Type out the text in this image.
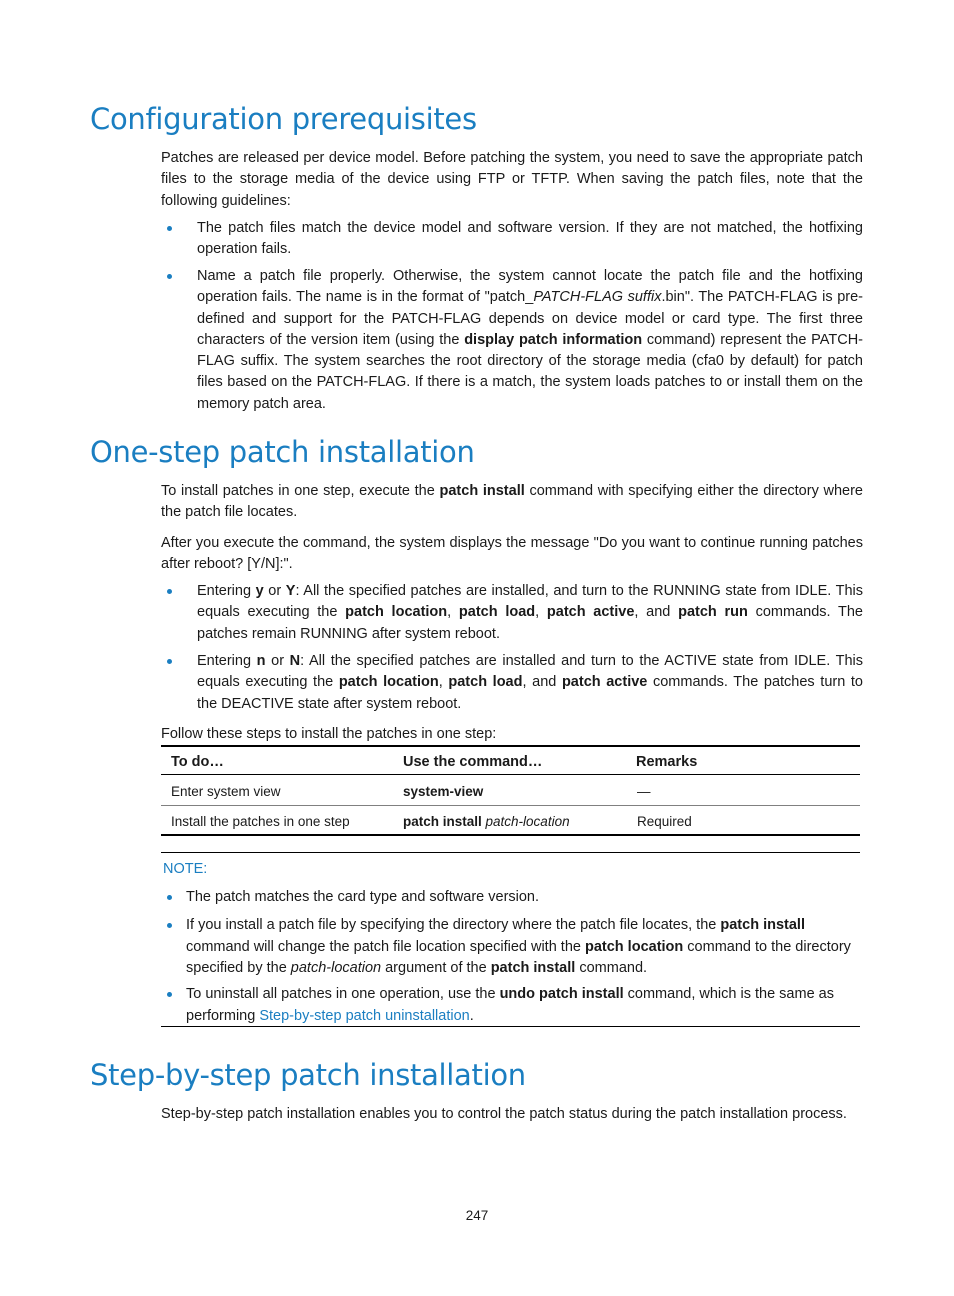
Configuration prerequisites

Patches are released per device model. Before patching the system, you need to save the appropriate patch files to the storage media of the device using FTP or TFTP. When saving the patch files, note that the following guidelines:

The patch files match the device model and software version. If they are not matched, the hotfixing operation fails.

Name a patch file properly. Otherwise, the system cannot locate the patch file and the hotfixing operation fails. The name is in the format of "patch_PATCH-FLAG suffix.bin". The PATCH-FLAG is pre-defined and support for the PATCH-FLAG depends on device model or card type. The first three characters of the version item (using the display patch information command) represent the PATCH-FLAG suffix. The system searches the root directory of the storage media (cfa0 by default) for patch files based on the PATCH-FLAG. If there is a match, the system loads patches to or install them on the memory patch area.

One-step patch installation

To install patches in one step, execute the patch install command with specifying either the directory where the patch file locates.

After you execute the command, the system displays the message "Do you want to continue running patches after reboot? [Y/N]:".

Entering y or Y: All the specified patches are installed, and turn to the RUNNING state from IDLE. This equals executing the patch location, patch load, patch active, and patch run commands. The patches remain RUNNING after system reboot.

Entering n or N: All the specified patches are installed and turn to the ACTIVE state from IDLE. This equals executing the patch location, patch load, and patch active commands. The patches turn to the DEACTIVE state after system reboot.

Follow these steps to install the patches in one step:

To do…	Use the command…	Remarks
Enter system view	system-view	—
Install the patches in one step	patch install patch-location	Required
NOTE:

The patch matches the card type and software version.

If you install a patch file by specifying the directory where the patch file locates, the patch install command will change the patch file location specified with the patch location command to the directory specified by the patch-location argument of the patch install command.

To uninstall all patches in one operation, use the undo patch install command, which is the same as performing Step-by-step patch uninstallation.

Step-by-step patch installation

Step-by-step patch installation enables you to control the patch status during the patch installation process.

247
